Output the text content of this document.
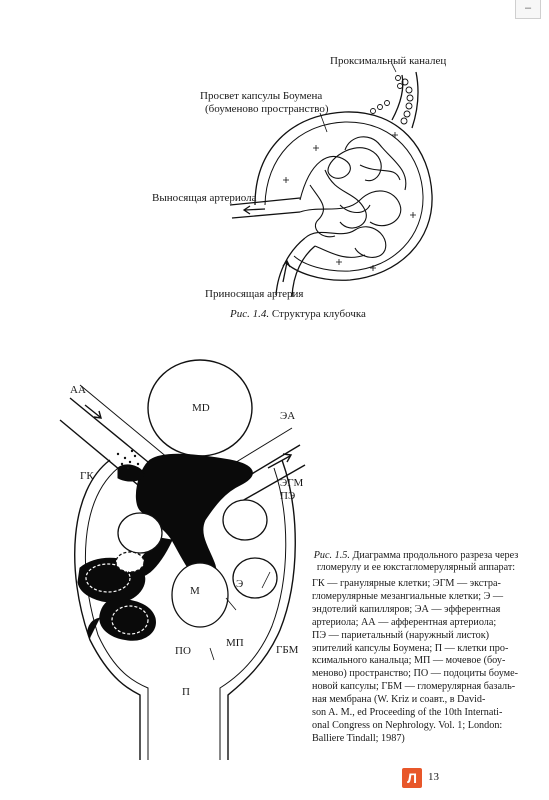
–
Проксимальный каналец
Просвет капсулы Боумена
(боуменово пространство)
Выносящая артериола
Приносящая артерия
Рис. 1.4. Структура клубочка
АА
MD
ЭА
ГК
ЭГМ
ПЭ
М
Э
ПО
МП
ГБМ
П
Рис. 1.5. Диаграмма продольного разреза через гломерулу и ее юкстагломерулярный аппарат:

ГК — гранулярные клетки; ЭГМ — экстра-

гломерулярные мезангиальные клетки; Э —

эндотелий капилляров; ЭА — эфферентная

артериола; АА — афферентная артериола;

ПЭ — париетальный (наружный листок)

эпителий капсулы Боумена; П — клетки про-

ксимального канальца; МП — мочевое (боу-

меново) пространство; ПО — подоциты боуме-

новой капсулы; ГБМ — гломерулярная базаль-

ная мембрана (W. Kriz и соавт., в David-

son A. M., ed Proceeding of the 10th Internati-

onal Congress on Nephrology. Vol. 1; London:

Balliere Tindall; 1987)

Л	13
